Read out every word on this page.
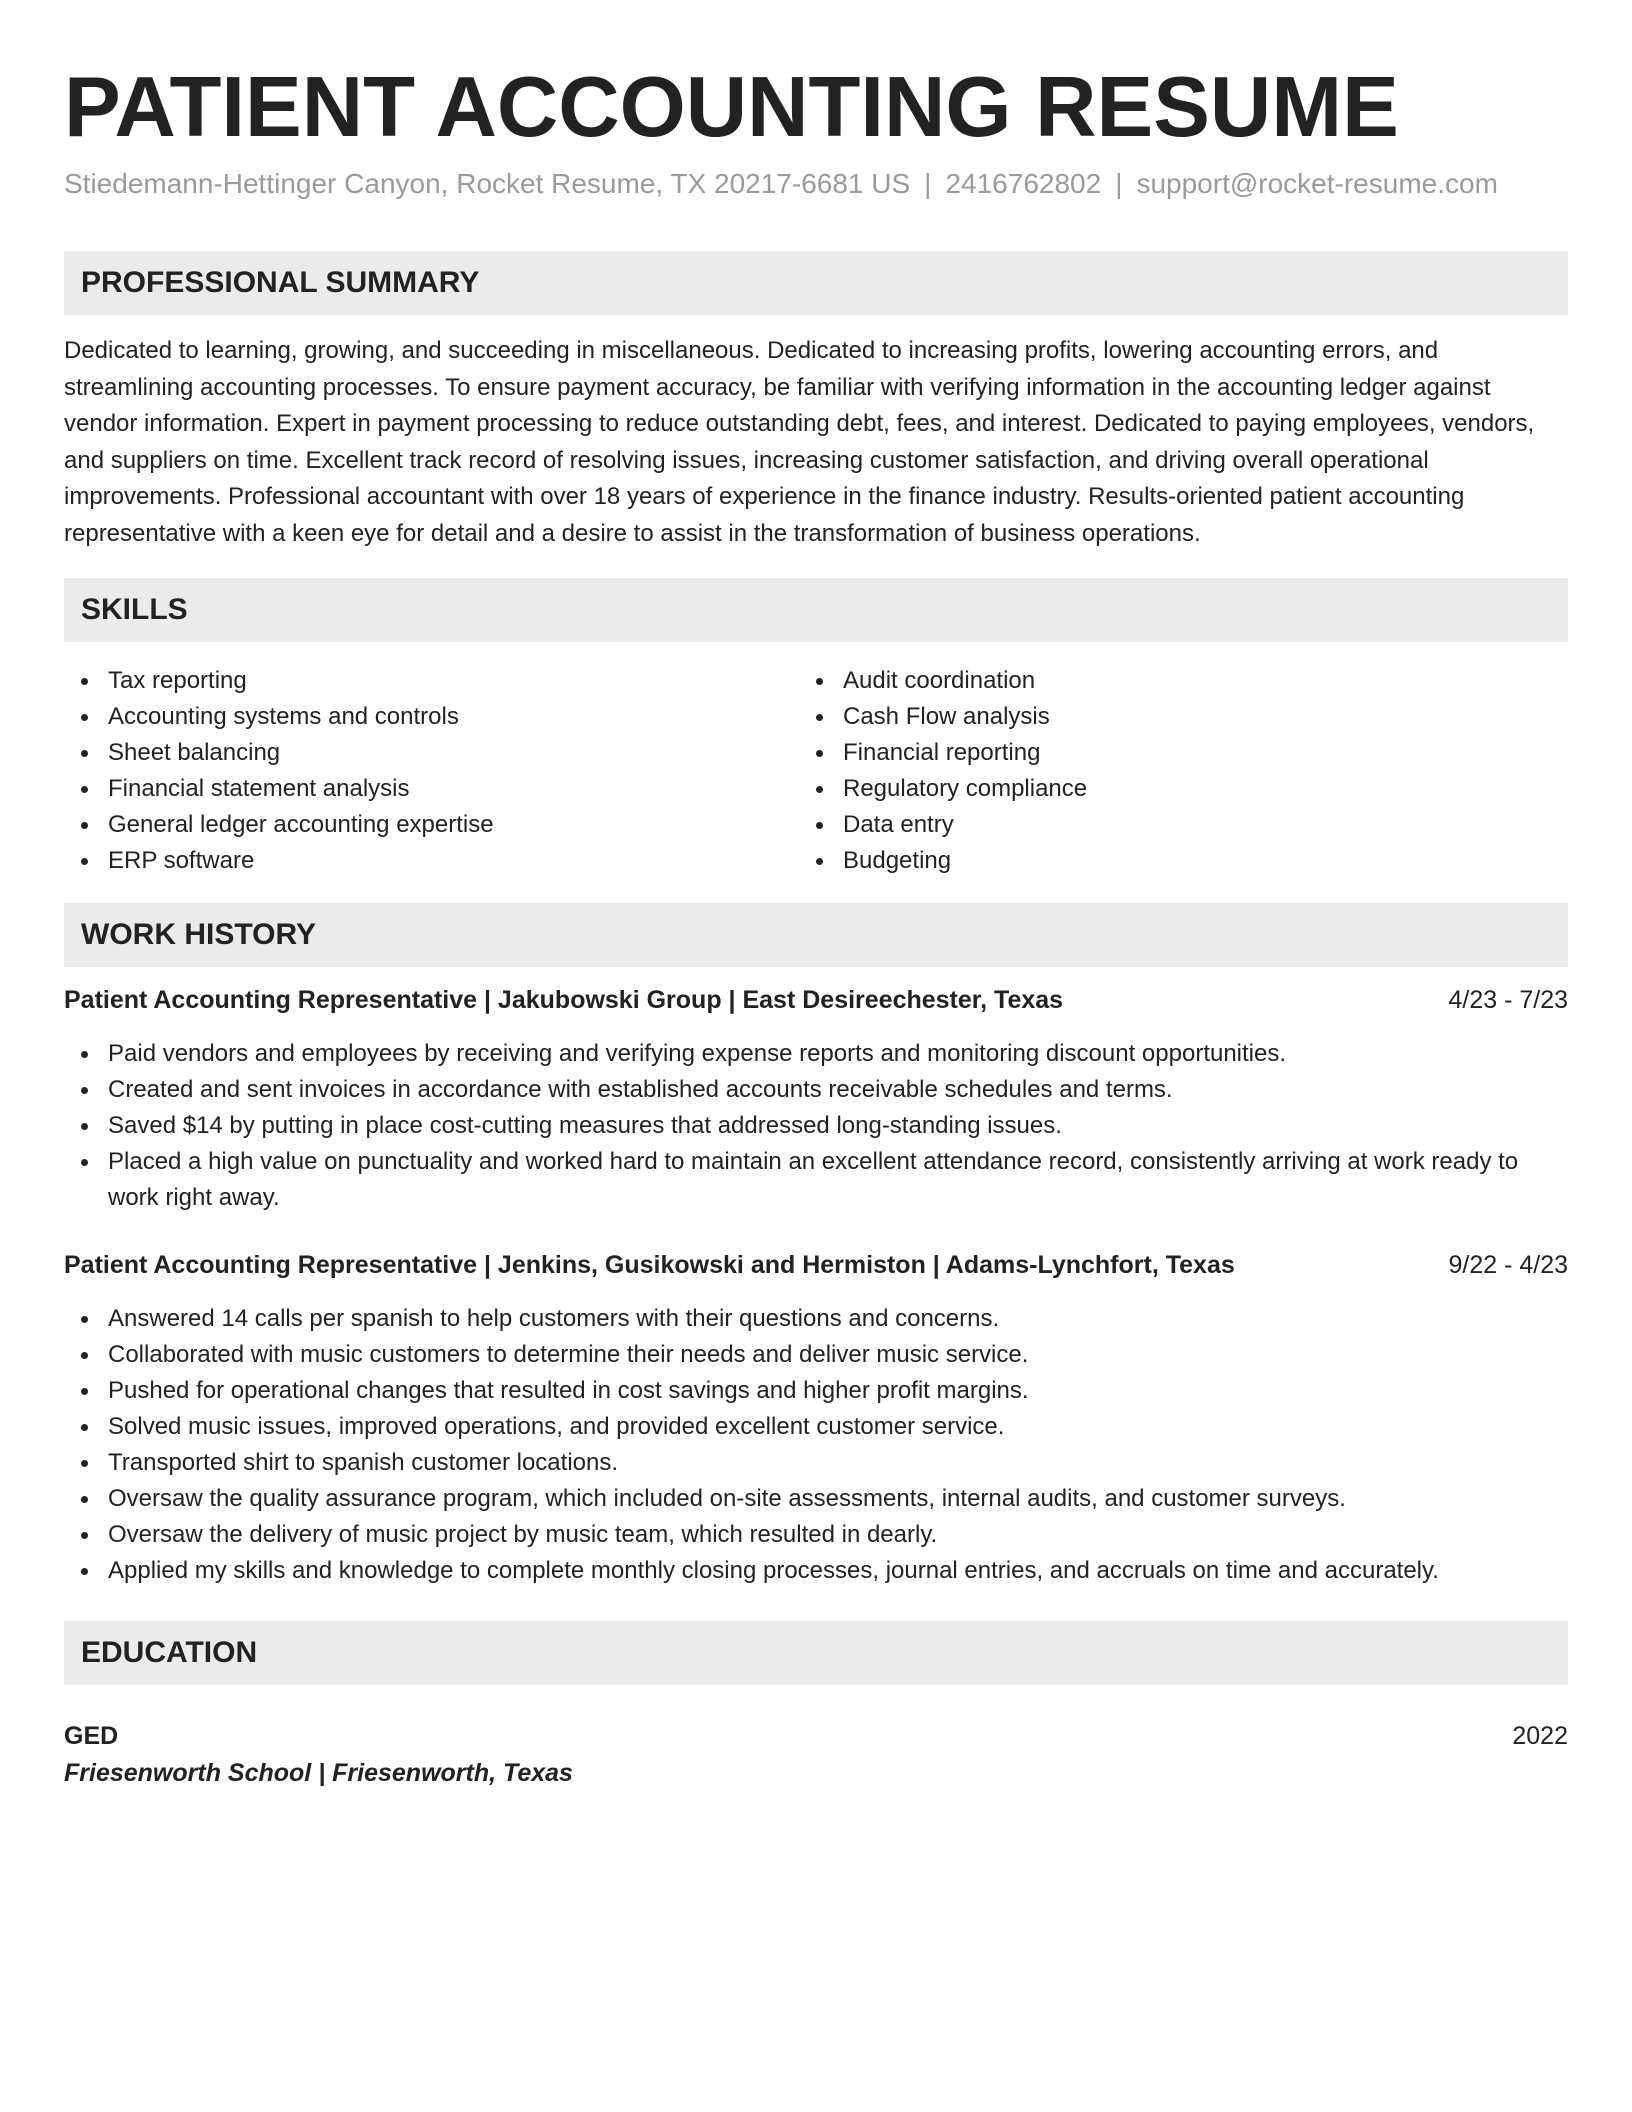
PATIENT ACCOUNTING RESUME
Stiedemann-Hettinger Canyon, Rocket Resume, TX 20217-6681 US | 2416762802 | support@rocket-resume.com
PROFESSIONAL SUMMARY

Dedicated to learning, growing, and succeeding in miscellaneous. Dedicated to increasing profits, lowering accounting errors, and streamlining accounting processes. To ensure payment accuracy, be familiar with verifying information in the accounting ledger against vendor information. Expert in payment processing to reduce outstanding debt, fees, and interest. Dedicated to paying employees, vendors, and suppliers on time. Excellent track record of resolving issues, increasing customer satisfaction, and driving overall operational improvements. Professional accountant with over 18 years of experience in the finance industry. Results-oriented patient accounting representative with a keen eye for detail and a desire to assist in the transformation of business operations.

SKILLS
Tax reporting
Accounting systems and controls
Sheet balancing
Financial statement analysis
General ledger accounting expertise
ERP software
Audit coordination
Cash Flow analysis
Financial reporting
Regulatory compliance
Data entry
Budgeting
WORK HISTORY
Patient Accounting Representative | Jakubowski Group | East Desireechester, Texas	4/23 - 7/23
Paid vendors and employees by receiving and verifying expense reports and monitoring discount opportunities.
Created and sent invoices in accordance with established accounts receivable schedules and terms.
Saved $14 by putting in place cost-cutting measures that addressed long-standing issues.
Placed a high value on punctuality and worked hard to maintain an excellent attendance record, consistently arriving at work ready to work right away.
Patient Accounting Representative | Jenkins, Gusikowski and Hermiston | Adams-Lynchfort, Texas	9/22 - 4/23
Answered 14 calls per spanish to help customers with their questions and concerns.
Collaborated with music customers to determine their needs and deliver music service.
Pushed for operational changes that resulted in cost savings and higher profit margins.
Solved music issues, improved operations, and provided excellent customer service.
Transported shirt to spanish customer locations.
Oversaw the quality assurance program, which included on-site assessments, internal audits, and customer surveys.
Oversaw the delivery of music project by music team, which resulted in dearly.
Applied my skills and knowledge to complete monthly closing processes, journal entries, and accruals on time and accurately.
EDUCATION
GED	2022
Friesenworth School | Friesenworth, Texas
